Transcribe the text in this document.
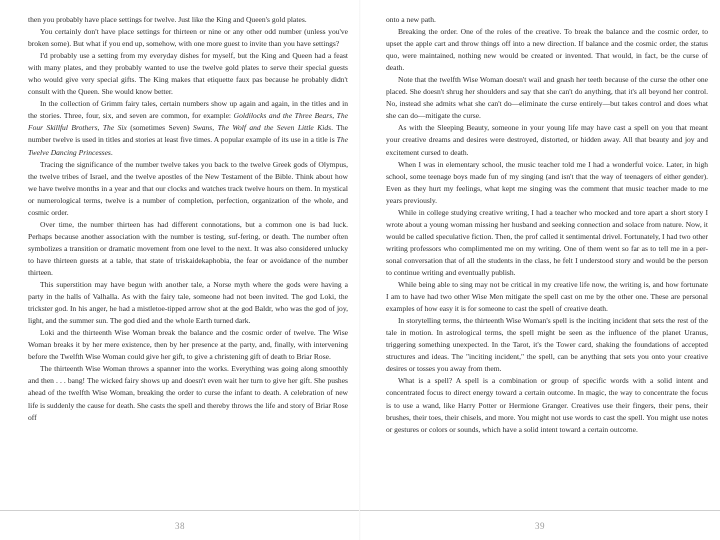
then you probably have place settings for twelve. Just like the King and Queen's gold plates.

You certainly don't have place settings for thirteen or nine or any other odd number (unless you've broken some). But what if you end up, somehow, with one more guest to invite than you have settings?

I'd probably use a setting from my everyday dishes for myself, but the King and Queen had a feast with many plates, and they probably wanted to use the twelve gold plates to serve their special guests who would give very special gifts. The King makes that etiquette faux pas because he probably didn't consult with the Queen. She would know better.

In the collection of Grimm fairy tales, certain numbers show up again and again, in the titles and in the stories. Three, four, six, and seven are common, for example: Goldilocks and the Three Bears, The Four Skillful Brothers, The Six (sometimes Seven) Swans, The Wolf and the Seven Little Kids. The number twelve is used in titles and stories at least five times. A popular example of its use in a title is The Twelve Dancing Princesses.

Tracing the significance of the number twelve takes you back to the twelve Greek gods of Olympus, the twelve tribes of Israel, and the twelve apostles of the New Testament of the Bible. Think about how we have twelve months in a year and that our clocks and watches track twelve hours on them. In mystical or numerological terms, twelve is a number of completion, perfection, organization of the whole, and cosmic order.

Over time, the number thirteen has had different connotations, but a common one is bad luck. Perhaps because another association with the number is testing, suf-fering, or death. The number often symbolizes a transition or dramatic movement from one level to the next. It was also considered unlucky to have thirteen guests at a table, that state of triskaidekaphobia, the fear or avoidance of the number thirteen.

This superstition may have begun with another tale, a Norse myth where the gods were having a party in the halls of Valhalla. As with the fairy tale, someone had not been invited. The god Loki, the trickster god. In his anger, he had a mistletoe-tipped arrow shot at the god Baldr, who was the god of joy, light, and the summer sun. The god died and the whole Earth turned dark.

Loki and the thirteenth Wise Woman break the balance and the cosmic order of twelve. The Wise Woman breaks it by her mere existence, then by her presence at the party, and, finally, with intervening before the Twelfth Wise Woman could give her gift, to give a christening gift of death to Briar Rose.

The thirteenth Wise Woman throws a spanner into the works. Everything was going along smoothly and then . . . bang! The wicked fairy shows up and doesn't even wait her turn to give her gift. She pushes ahead of the twelfth Wise Woman, breaking the order to curse the infant to death. A celebration of new life is suddenly the cause for death. She casts the spell and thereby throws the life and story of Briar Rose off

38

onto a new path.

Breaking the order. One of the roles of the creative. To break the balance and the cosmic order, to upset the apple cart and throw things off into a new direction. If balance and the cosmic order, the status quo, were maintained, nothing new would be created or invented. That would, in fact, be the curse of death.

Note that the twelfth Wise Woman doesn't wail and gnash her teeth because of the curse the other one placed. She doesn't shrug her shoulders and say that she can't do anything, that it's all beyond her control. No, instead she admits what she can't do—eliminate the curse entirely—but takes control and does what she can do—mitigate the curse.

As with the Sleeping Beauty, someone in your young life may have cast a spell on you that meant your creative dreams and desires were destroyed, distorted, or hidden away. All that beauty and joy and excitement cursed to death.

When I was in elementary school, the music teacher told me I had a wonderful voice. Later, in high school, some teenage boys made fun of my singing (and isn't that the way of teenagers of either gender). Even as they hurt my feelings, what kept me singing was the comment that music teacher made to me years previously.

While in college studying creative writing, I had a teacher who mocked and tore apart a short story I wrote about a young woman missing her husband and seeking connection and solace from nature. Now, it would be called speculative fiction. Then, the prof called it sentimental drivel. Fortunately, I had two other writing professors who complimented me on my writing. One of them went so far as to tell me in a per-sonal conversation that of all the students in the class, he felt I understood story and would be the person to continue writing and eventually publish.

While being able to sing may not be critical in my creative life now, the writing is, and how fortunate I am to have had two other Wise Men mitigate the spell cast on me by the other one. These are personal examples of how easy it is for someone to cast the spell of creative death.

In storytelling terms, the thirteenth Wise Woman's spell is the inciting incident that sets the rest of the tale in motion. In astrological terms, the spell might be seen as the influence of the planet Uranus, triggering something unexpected. In the Tarot, it's the Tower card, shaking the foundations of accepted structures and ideas. The "inciting incident," the spell, can be anything that sets you onto your creative desires or tosses you away from them.

What is a spell? A spell is a combination or group of specific words with a solid intent and concentrated focus to direct energy toward a certain outcome. In magic, the way to concentrate the focus is to use a wand, like Harry Potter or Hermione Granger. Creatives use their fingers, their pens, their brushes, their toes, their chisels, and more. You might not use words to cast the spell. You might use notes or gestures or colors or sounds, which have a solid intent toward a certain outcome.

39
